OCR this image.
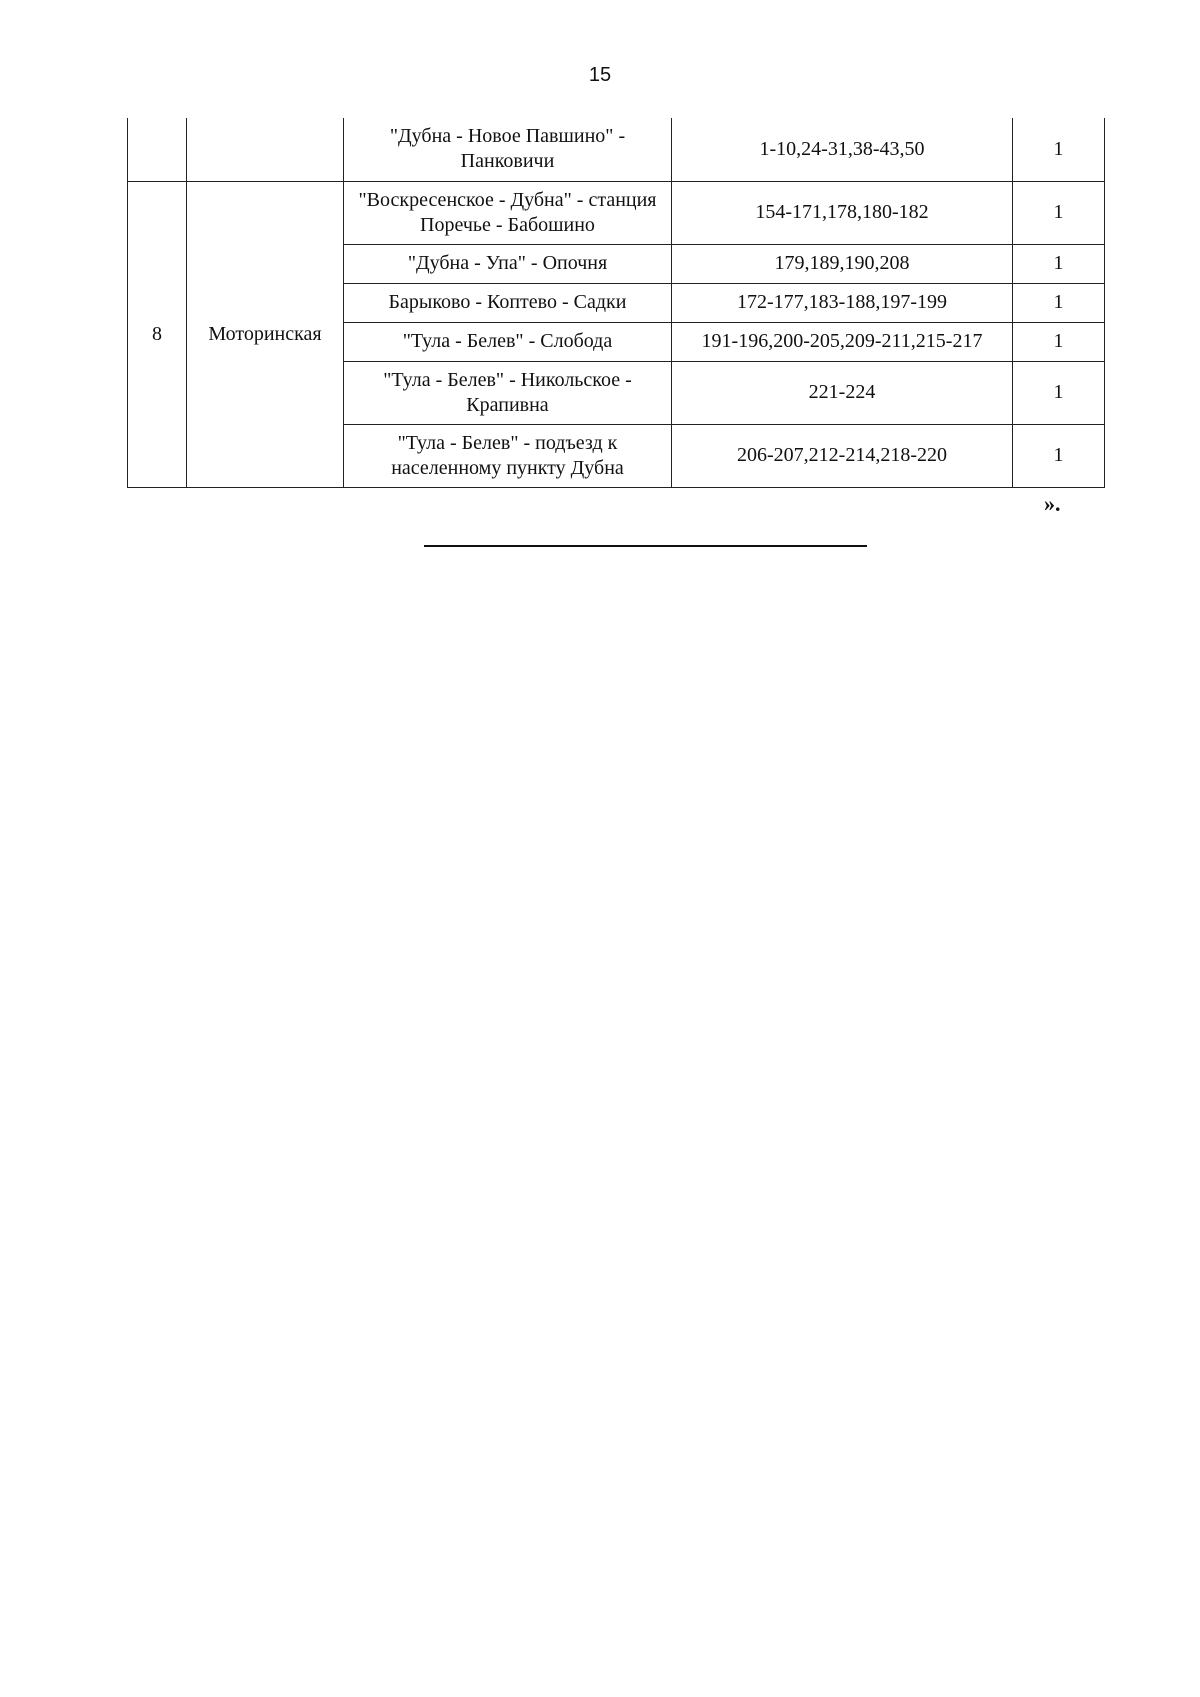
15
		"Дубна - Новое Павшино" - Панковичи	1-10,24-31,38-43,50	1
8	Моторинская	"Воскресенское - Дубна" - станция Поречье - Бабошино	154-171,178,180-182	1
		"Дубна - Упа" - Опочня	179,189,190,208	1
		Барыково - Коптево - Садки	172-177,183-188,197-199	1
		"Тула - Белев" - Слобода	191-196,200-205,209-211,215-217	1
		"Тула - Белев" - Никольское - Крапивна	221-224	1
		"Тула - Белев" - подъезд к населенному пункту Дубна	206-207,212-214,218-220	1
».
